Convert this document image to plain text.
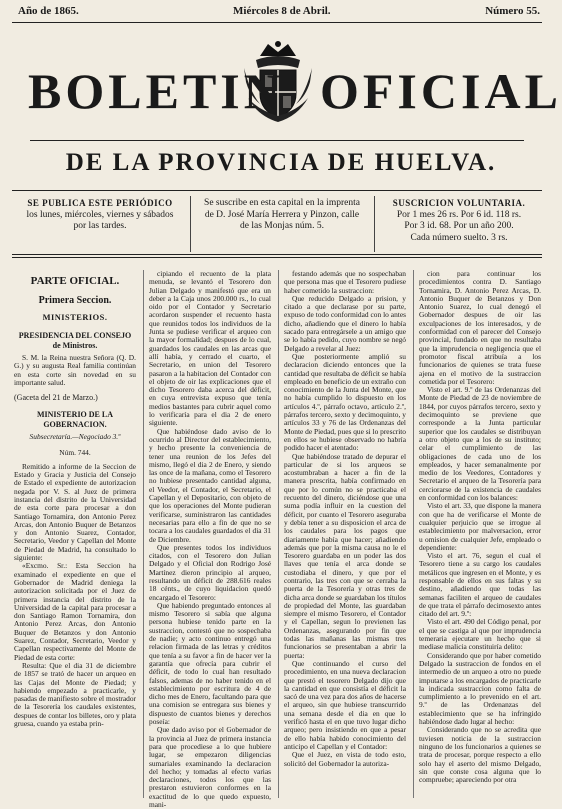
Año de 1865.	Miércoles 8 de Abril.	Número 55.
BOLETIN OFICIAL
DE LA PROVINCIA DE HUELVA.
SE PUBLICA ESTE PERIÓDICO
los lunes, miércoles, viernes y sábados
por las tardes.
Se suscribe en esta capital en la imprenta
de D. José María Herrera y Pinzon, calle
de las Monjas núm. 5.
SUSCRICION VOLUNTARIA.
Por 1 mes 26 rs. Por 6 id. 118 rs.
Por 3 id. 68. Por un año 200.
Cada número suelto. 3 rs.

PARTE OFICIAL.

Primera Seccion.

MINISTERIOS.

PRESIDENCIA DEL CONSEJO de Ministros.

S. M. la Reina nuestra Señora (Q. D. G.) y su augusta Real familia continúan en esta corte sin novedad en su importante salud.

(Gaceta del 21 de Marzo.)

MINISTERIO DE LA GOBERNACION.

Subsecretaría.—Negociado 3.º

Núm. 744.

Remitido a informe de la Seccion de Estado y Gracia y Justicia del Consejo de Estado el expediente de autorizacion negada por V. S. al Juez de primera instancia del distrito de la Universidad de esta corte para procesar a don Santiago Tornamira, don Antonio Perez Arcas, don Antonio Buquer de Betanzos y don Antonio Suarez, Contador, Secretario, Veedor y Capellan del Monte de Piedad de Madrid, ha consultado lo siguiente:

«Excmo. Sr.: Esta Seccion ha examinado el expediente en que el Gobernador de Madrid deniega la autorizacion solicitada por el Juez de primera instancia del distrito de la Universidad de la capital para procesar a don Santiago Ramon Tornamira, don Antonio Perez Arcas, don Antonio Buquer de Betanzos y don Antonio Suarez, Contador, Secretario, Veedor y Capellan respectivamente del Monte de Piedad de esta corte:

Resulta: Que el dia 31 de diciembre de 1857 se trató de hacer un arqueo en las Cajas del Monte de Piedad; y habiendo empezado a practicarle, y pasadas de manifiesto sobre el mostrador de la Tesorería los caudales existentes, despues de contar los billetes, oro y plata gruesa, cuando ya estaba prin-

cipiando el recuento de la plata menuda, se levantó el Tesorero don Julian Delgado y manifestó que era un deber a la Caja unos 200.000 rs., lo cual oido por el Contador y Secretario acordaron suspender el recuento hasta que reunidos todos los individuos de la Junta se pudiese verificar el arqueo con la mayor formalidad; despues de lo cual, guardados los caudales en las arcas que allí había, y cerrado el cuarto, el Secretario, en union del Tesorero pasaron a la habitacion del Contador con el objeto de oir las explicaciones que el dicho Tesorero daba acerca del déficit, en cuya entrevista expuso que tenía medios bastantes para cubrir aquel como lo verificaría para el dia 2 de enero siguiente.

Que habiéndose dado aviso de lo ocurrido al Director del establecimiento, y hecho presente la conveniencia de tener una reunion de los Jefes del mismo, llegó el dia 2 de Enero, y siendo las once de la mañana, como el Tesorero no hubiese presentado cantidad alguna, el Veedor, el Contador, el Secretario, el Capellan y el Depositario, con objeto de que los operaciones del Monte pudieran verificarse, suministraron las cantidades necesarias para ello a fin de que no se tocara a los caudales guardados el dia 31 de Diciembre.

Que presentes todos los individuos citados, con el Tesorero don Julian Delgado y el Oficial don Rodrigo José Martínez dieron principio al arqueo, resultando un déficit de 288.616 reales 18 cénts., de cuyo liquidacion quedó encargado el Tesorero:

Que habiendo preguntado entonces al mismo Tesorero si sabía que alguna persona hubiese tenido parte en la sustraccion, contestó que no sospechaba de nadie; y acto continuo entregó una relacion firmada de las letras y créditos que tenía a su favor a fin de hacer ver la garantía que ofrecía para cubrir el déficit, de todo lo cual han resultado falsos, ademas de no haber tenido en el establecimiento por escritura de 4 de dicho mes de Enero, facultando para que una comision se entregara sus bienes y dispuesto de cuantos bienes y derechos poseía:

Que dado aviso por el Gobernador de la provincia al Juez de primera instancia para que procediese a lo que hubiere lugar, se empezaron diligencias sumariales examinando la declaracion del hecho; y tomadas al efecto varias declaraciones, todos los que las prestaron estuvieron conformes en la exactitud de lo que quedo expuesto, mani-

festando además que no sospechaban que persona mas que el Tesorero pudiese haber cometido la sustraccion:

Que reducido Delgado a prision, y citado a que declarase por su parte, expuso de todo conformidad con lo antes dicho, añadiendo que el dinero lo había sacado para entregársele a un amigo que se lo había pedido, cuyo nombre se negó Delgado a revelar al Juez:

Que posteriormente amplió su declaracion diciendo entonces que la cantidad que resultaba de déficit se había empleado en beneficio de un extraño con conocimiento de la Junta del Monte, que no había cumplido lo dispuesto en los artículos 4.º, párrafo octavo, artículo 2.º, párrafos tercero, sexto y decimoquinto, y artículos 33 y 76 de las Ordenanzas del Monte de Piedad, pues que si lo prescrito en ellos se hubiese observado no habría podido hacer el atentado:

Que habiéndose tratado de depurar el particular de si los arqueos se acostumbraban a hacer a fin de la manera prescrita, había confirmado en que por lo común no se practicaba el recuento del dinero, diciéndose que una suma podía influir en la cuestion del déficit, por cuanto el Tesorero aseguraba y debía tener a su disposicion el arca de los caudales para los pagos que diariamente había que hacer; añadiendo además que por la misma causa no le el Tesorero guardaba en un poder las dos llaves que tenía el arca donde se custodiaba el dinero, y que por el contrario, las tres con que se cerraba la puerta de la Tesorería y otras tres de dicha arca donde se guardaban los títulos de propiedad del Monte, las guardaban siempre el mismo Tesorero, el Contador y el Capellan, segun lo previenen las Ordenanzas, asegurando por fin que todas las mañanas las mismas tres funcionarios se presentaban a abrir la puerta:

Que continuando el curso del procedimiento, en una nueva declaracion que prestó el tesorero Delgado dijo que la cantidad en que consistía el déficit la sacó de una vez para dos años de hacerse el arqueo, sin que hubiese transcurrido una semana desde el dia en que lo verificó hasta el en que tuvo lugar dicho arqueo; pero insistiendo en que a pesar de ello había habido conocimiento del anticipo el Capellan y el Contador:

Que el Juez, en vista de todo esto, solicitó del Gobernador la autoriza-

cion para continuar los procedimientos contra D. Santiago Tornamira, D. Antonio Perez Arcas, D. Antonio Buquer de Betanzos y Don Antonio Suarez, lo cual denegó el Gobernador despues de oir las exculpaciones de los interesados, y de conformidad con el parecer del Consejo provincial, fundado en que no resultaba que la imprudencia o negligencia que el promotor fiscal atribuía a los funcionarios de quienes se trata fuese ajena en el motivo de la sustraccion cometida por el Tesorero:

Visto el art. 9.º de las Ordenanzas del Monte de Piedad de 23 de noviembre de 1844, por cuyos párrafos tercero, sexto y decimoquinto se previene que corresponde a la Junta particular superior que los caudales se distribuyan a otro objeto que a los de su instituto; celar el cumplimiento de las obligaciones de cada uno de los empleados, y hacer semanalmente por medio de los Veedores, Contadores y Secretario el arqueo de la Tesorería para cerciorarse de la existencia de caudales en conformidad con los balances:

Visto el art. 33, que dispone la manera con que ha de verificarse el Monte de cualquier perjuicio que se irrogue al establecimiento por malversacion, error u omision de cualquier Jefe, empleado o dependiente:

Visto el art. 76, segun el cual el Tesorero tiene a su cargo los caudales metálicos que ingresen en el Monte, y es responsable de ellos en sus faltas y su destino, añadiendo que todas las semanas faciliten el arqueo de caudales de que trata el párrafo decimosexto antes citado del art. 9.º:

Visto el art. 490 del Código penal, por el que se castiga al que por imprudencia temeraria ejecutare un hecho que si mediase malicia constituiría delito:

Considerando que por haber cometido Delgado la sustraccion de fondos en el intermedio de un arqueo a otro no puede imputarse a los encargados de practicarle la indicada sustraccion como falta de cumplimiento a lo prevenido en el art. 9.º de las Ordenanzas del establecimiento que se ha infringido habiéndose dado lugar al hecho:

Considerando que no se acredita que tuviesen noticia de la sustraccion ninguno de los funcionarios a quienes se trata de procesar, porque respecto a ello solo hay el aserto del mismo Delgado, sin que conste cosa alguna que lo compruebe; apareciendo por otra
